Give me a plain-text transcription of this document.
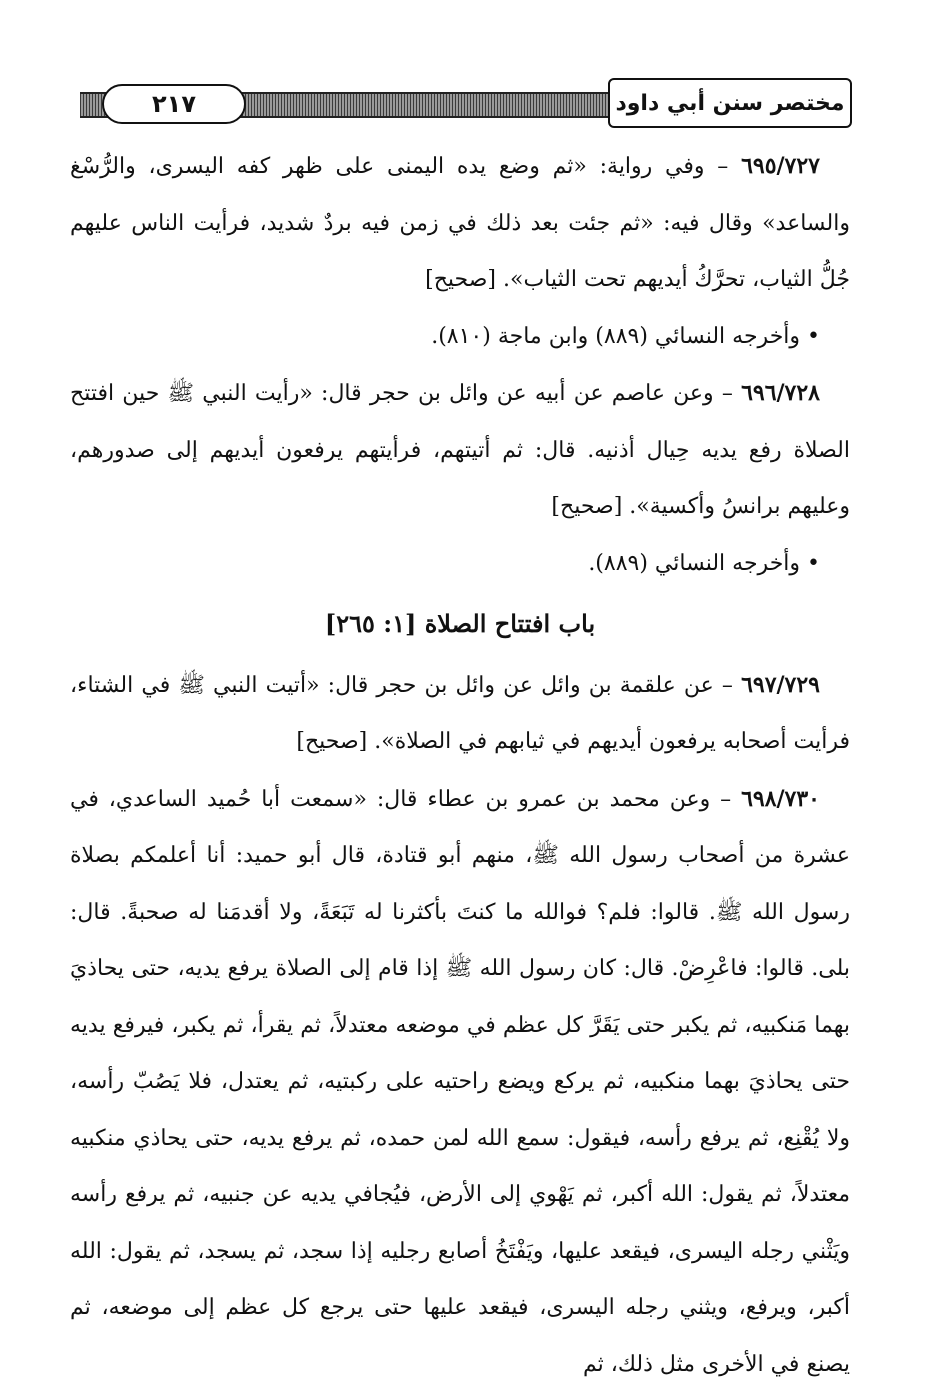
٢١٧	مختصر سنن أبي داود

٦٩٥/٧٢٧ – وفي رواية: «ثم وضع يده اليمنى على ظهر كفه اليسرى، والرُّسْغ والساعد» وقال فيه: «ثم جئت بعد ذلك في زمن فيه بردٌ شديد، فرأيت الناس عليهم جُلُّ الثياب، تحرَّكُ أيديهم تحت الثياب». [صحيح]

• وأخرجه النسائي (٨٨٩) وابن ماجة (٨١٠).

٦٩٦/٧٢٨ – وعن عاصم عن أبيه عن وائل بن حجر قال: «رأيت النبي ﷺ حين افتتح الصلاة رفع يديه حِيال أذنيه. قال: ثم أتيتهم، فرأيتهم يرفعون أيديهم إلى صدورهم، وعليهم برانسُ وأكسية». [صحيح]

• وأخرجه النسائي (٨٨٩).

باب افتتاح الصلاة [١: ٢٦٥]

٦٩٧/٧٢٩ – عن علقمة بن وائل عن وائل بن حجر قال: «أتيت النبي ﷺ في الشتاء، فرأيت أصحابه يرفعون أيديهم في ثيابهم في الصلاة». [صحيح]

٦٩٨/٧٣٠ – وعن محمد بن عمرو بن عطاء قال: «سمعت أبا حُميد الساعدي، في عشرة من أصحاب رسول الله ﷺ، منهم أبو قتادة، قال أبو حميد: أنا أعلمكم بصلاة رسول الله ﷺ. قالوا: فلم؟ فوالله ما كنتَ بأكثرنا له تَبَعَةً، ولا أقدمَنا له صحبةً. قال: بلى. قالوا: فاعْرِضْ. قال: كان رسول الله ﷺ إذا قام إلى الصلاة يرفع يديه، حتى يحاذيَ بهما مَنكبيه، ثم يكبر حتى يَقَرَّ كل عظم في موضعه معتدلاً، ثم يقرأ، ثم يكبر، فيرفع يديه حتى يحاذيَ بهما منكبيه، ثم يركع ويضع راحتيه على ركبتيه، ثم يعتدل، فلا يَصُبّ رأسه، ولا يُقْنِع، ثم يرفع رأسه، فيقول: سمع الله لمن حمده، ثم يرفع يديه، حتى يحاذي منكبيه معتدلاً، ثم يقول: الله أكبر، ثم يَهْوي إلى الأرض، فيُجافي يديه عن جنبيه، ثم يرفع رأسه ويَثْني رجله اليسرى، فيقعد عليها، ويَفْتَخُ أصابع رجليه إذا سجد، ثم يسجد، ثم يقول: الله أكبر، ويرفع، ويثني رجله اليسرى، فيقعد عليها حتى يرجع كل عظم إلى موضعه، ثم يصنع في الأخرى مثل ذلك، ثم
